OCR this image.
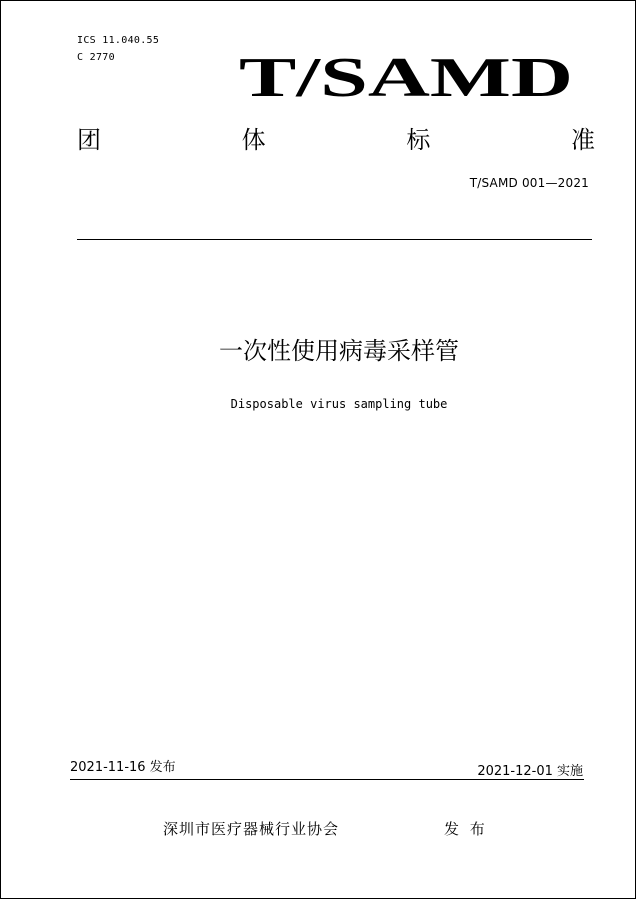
ICS 11.040.55
C 2770 T/SAMD
团	体	标	准
T/SAMD 001—2021
一次性使用病毒采样管
Disposable virus sampling tube
2021-11-16 发布	2021-12-01 实施
深圳市医疗器械行业协会	发 布
